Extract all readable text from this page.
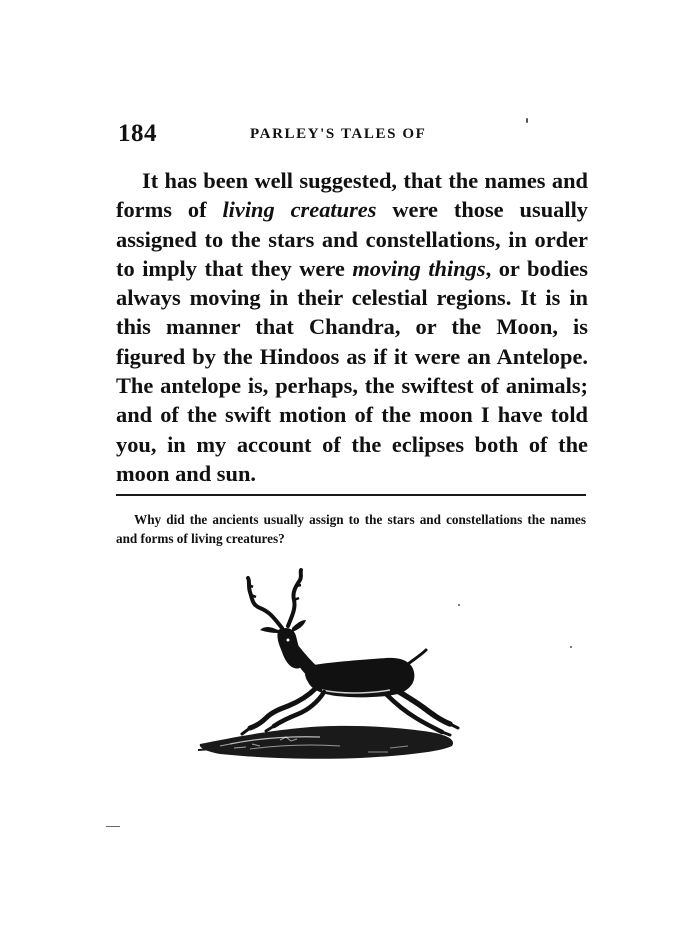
184	PARLEY'S TALES OF

It has been well suggested, that the names and forms of living creatures were those usually assigned to the stars and constellations, in order to imply that they were moving things, or bodies always moving in their celestial regions. It is in this manner that Chandra, or the Moon, is figured by the Hindoos as if it were an Antelope. The antelope is, perhaps, the swiftest of animals; and of the swift motion of the moon I have told you, in my account of the eclipses both of the moon and sun.

Why did the ancients usually assign to the stars and constellations the names and forms of living creatures?
